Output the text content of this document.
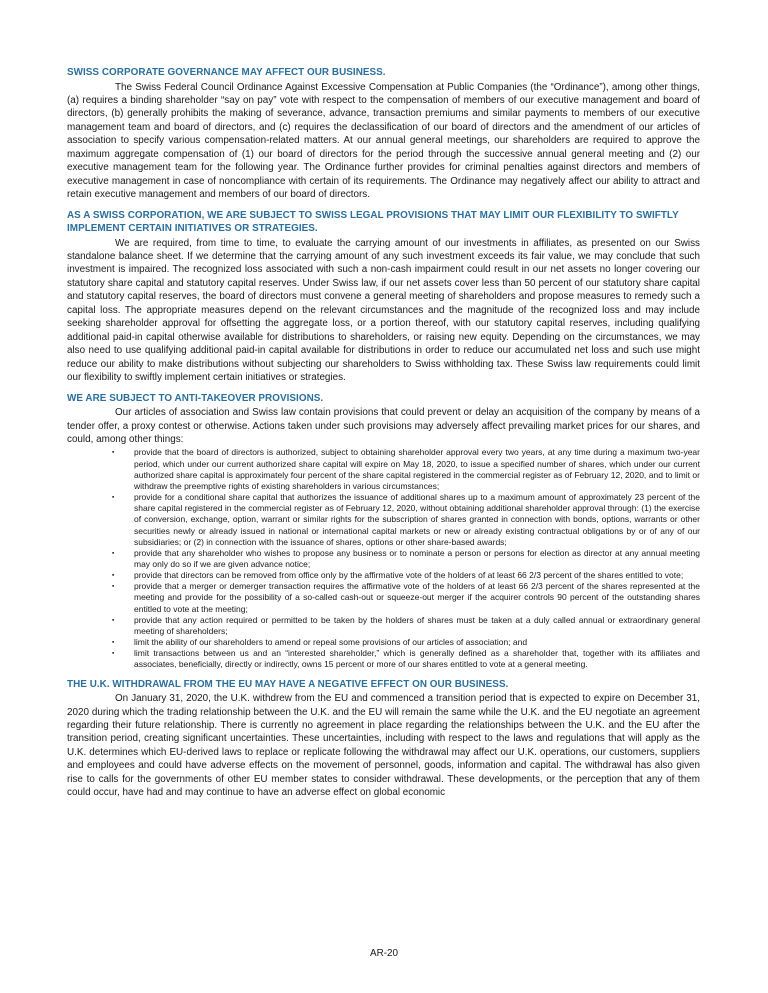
SWISS CORPORATE GOVERNANCE MAY AFFECT OUR BUSINESS.

The Swiss Federal Council Ordinance Against Excessive Compensation at Public Companies (the “Ordinance”), among other things, (a) requires a binding shareholder “say on pay” vote with respect to the compensation of members of our executive management and board of directors, (b) generally prohibits the making of severance, advance, transaction premiums and similar payments to members of our executive management team and board of directors, and (c) requires the declassification of our board of directors and the amendment of our articles of association to specify various compensation-related matters. At our annual general meetings, our shareholders are required to approve the maximum aggregate compensation of (1) our board of directors for the period through the successive annual general meeting and (2) our executive management team for the following year. The Ordinance further provides for criminal penalties against directors and members of executive management in case of noncompliance with certain of its requirements. The Ordinance may negatively affect our ability to attract and retain executive management and members of our board of directors.

AS A SWISS CORPORATION, WE ARE SUBJECT TO SWISS LEGAL PROVISIONS THAT MAY LIMIT OUR FLEXIBILITY TO SWIFTLY IMPLEMENT CERTAIN INITIATIVES OR STRATEGIES.

We are required, from time to time, to evaluate the carrying amount of our investments in affiliates, as presented on our Swiss standalone balance sheet. If we determine that the carrying amount of any such investment exceeds its fair value, we may conclude that such investment is impaired. The recognized loss associated with such a non-cash impairment could result in our net assets no longer covering our statutory share capital and statutory capital reserves. Under Swiss law, if our net assets cover less than 50 percent of our statutory share capital and statutory capital reserves, the board of directors must convene a general meeting of shareholders and propose measures to remedy such a capital loss. The appropriate measures depend on the relevant circumstances and the magnitude of the recognized loss and may include seeking shareholder approval for offsetting the aggregate loss, or a portion thereof, with our statutory capital reserves, including qualifying additional paid-in capital otherwise available for distributions to shareholders, or raising new equity. Depending on the circumstances, we may also need to use qualifying additional paid-in capital available for distributions in order to reduce our accumulated net loss and such use might reduce our ability to make distributions without subjecting our shareholders to Swiss withholding tax. These Swiss law requirements could limit our flexibility to swiftly implement certain initiatives or strategies.

WE ARE SUBJECT TO ANTI-TAKEOVER PROVISIONS.

Our articles of association and Swiss law contain provisions that could prevent or delay an acquisition of the company by means of a tender offer, a proxy contest or otherwise. Actions taken under such provisions may adversely affect prevailing market prices for our shares, and could, among other things:

▪ provide that the board of directors is authorized, subject to obtaining shareholder approval every two years, at any time during a maximum two-year period, which under our current authorized share capital will expire on May 18, 2020, to issue a specified number of shares, which under our current authorized share capital is approximately four percent of the share capital registered in the commercial register as of February 12, 2020, and to limit or withdraw the preemptive rights of existing shareholders in various circumstances;
▪ provide for a conditional share capital that authorizes the issuance of additional shares up to a maximum amount of approximately 23 percent of the share capital registered in the commercial register as of February 12, 2020, without obtaining additional shareholder approval through: (1) the exercise of conversion, exchange, option, warrant or similar rights for the subscription of shares granted in connection with bonds, options, warrants or other securities newly or already issued in national or international capital markets or new or already existing contractual obligations by or of any of our subsidiaries; or (2) in connection with the issuance of shares, options or other share-based awards;
▪ provide that any shareholder who wishes to propose any business or to nominate a person or persons for election as director at any annual meeting may only do so if we are given advance notice;
▪ provide that directors can be removed from office only by the affirmative vote of the holders of at least 66 2/3 percent of the shares entitled to vote;
▪ provide that a merger or demerger transaction requires the affirmative vote of the holders of at least 66 2/3 percent of the shares represented at the meeting and provide for the possibility of a so-called cash-out or squeeze-out merger if the acquirer controls 90 percent of the outstanding shares entitled to vote at the meeting;
▪ provide that any action required or permitted to be taken by the holders of shares must be taken at a duly called annual or extraordinary general meeting of shareholders;
▪ limit the ability of our shareholders to amend or repeal some provisions of our articles of association; and
▪ limit transactions between us and an “interested shareholder,” which is generally defined as a shareholder that, together with its affiliates and associates, beneficially, directly or indirectly, owns 15 percent or more of our shares entitled to vote at a general meeting.
THE U.K. WITHDRAWAL FROM THE EU MAY HAVE A NEGATIVE EFFECT ON OUR BUSINESS.

On January 31, 2020, the U.K. withdrew from the EU and commenced a transition period that is expected to expire on December 31, 2020 during which the trading relationship between the U.K. and the EU will remain the same while the U.K. and the EU negotiate an agreement regarding their future relationship. There is currently no agreement in place regarding the relationships between the U.K. and the EU after the transition period, creating significant uncertainties. These uncertainties, including with respect to the laws and regulations that will apply as the U.K. determines which EU-derived laws to replace or replicate following the withdrawal may affect our U.K. operations, our customers, suppliers and employees and could have adverse effects on the movement of personnel, goods, information and capital. The withdrawal has also given rise to calls for the governments of other EU member states to consider withdrawal. These developments, or the perception that any of them could occur, have had and may continue to have an adverse effect on global economic

AR-20
